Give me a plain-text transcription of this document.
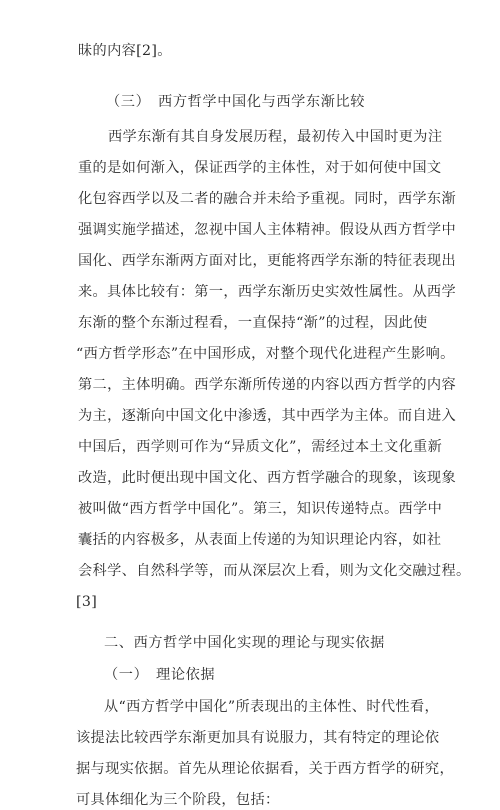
昧的内容[2]。
（三）　西方哲学中国化与西学东渐比较
西学东渐有其自身发展历程，最初传入中国时更为注
重的是如何渐入，保证西学的主体性，对于如何使中国文
化包容西学以及二者的融合并未给予重视。同时，西学东渐
强调实施学描述，忽视中国人主体精神。假设从西方哲学中
国化、西学东渐两方面对比，更能将西学东渐的特征表现出
来。具体比较有：第一，西学东渐历史实效性属性。从西学
东渐的整个东渐过程看，一直保持“渐”的过程，因此使
“西方哲学形态”在中国形成，对整个现代化进程产生影响。
第二，主体明确。西学东渐所传递的内容以西方哲学的内容
为主，逐渐向中国文化中渗透，其中西学为主体。而自进入
中国后，西学则可作为“异质文化”，需经过本土文化重新
改造，此时便出现中国文化、西方哲学融合的现象，该现象
被叫做“西方哲学中国化”。第三，知识传递特点。西学中
囊括的内容极多，从表面上传递的为知识理论内容，如社
会科学、自然科学等，而从深层次上看，则为文化交融过程。
[3]
二、西方哲学中国化实现的理论与现实依据
（一）　理论依据
从“西方哲学中国化”所表现出的主体性、时代性看，
该提法比较西学东渐更加具有说服力，其有特定的理论依
据与现实依据。首先从理论依据看，关于西方哲学的研究，
可具体细化为三个阶段，包括：
